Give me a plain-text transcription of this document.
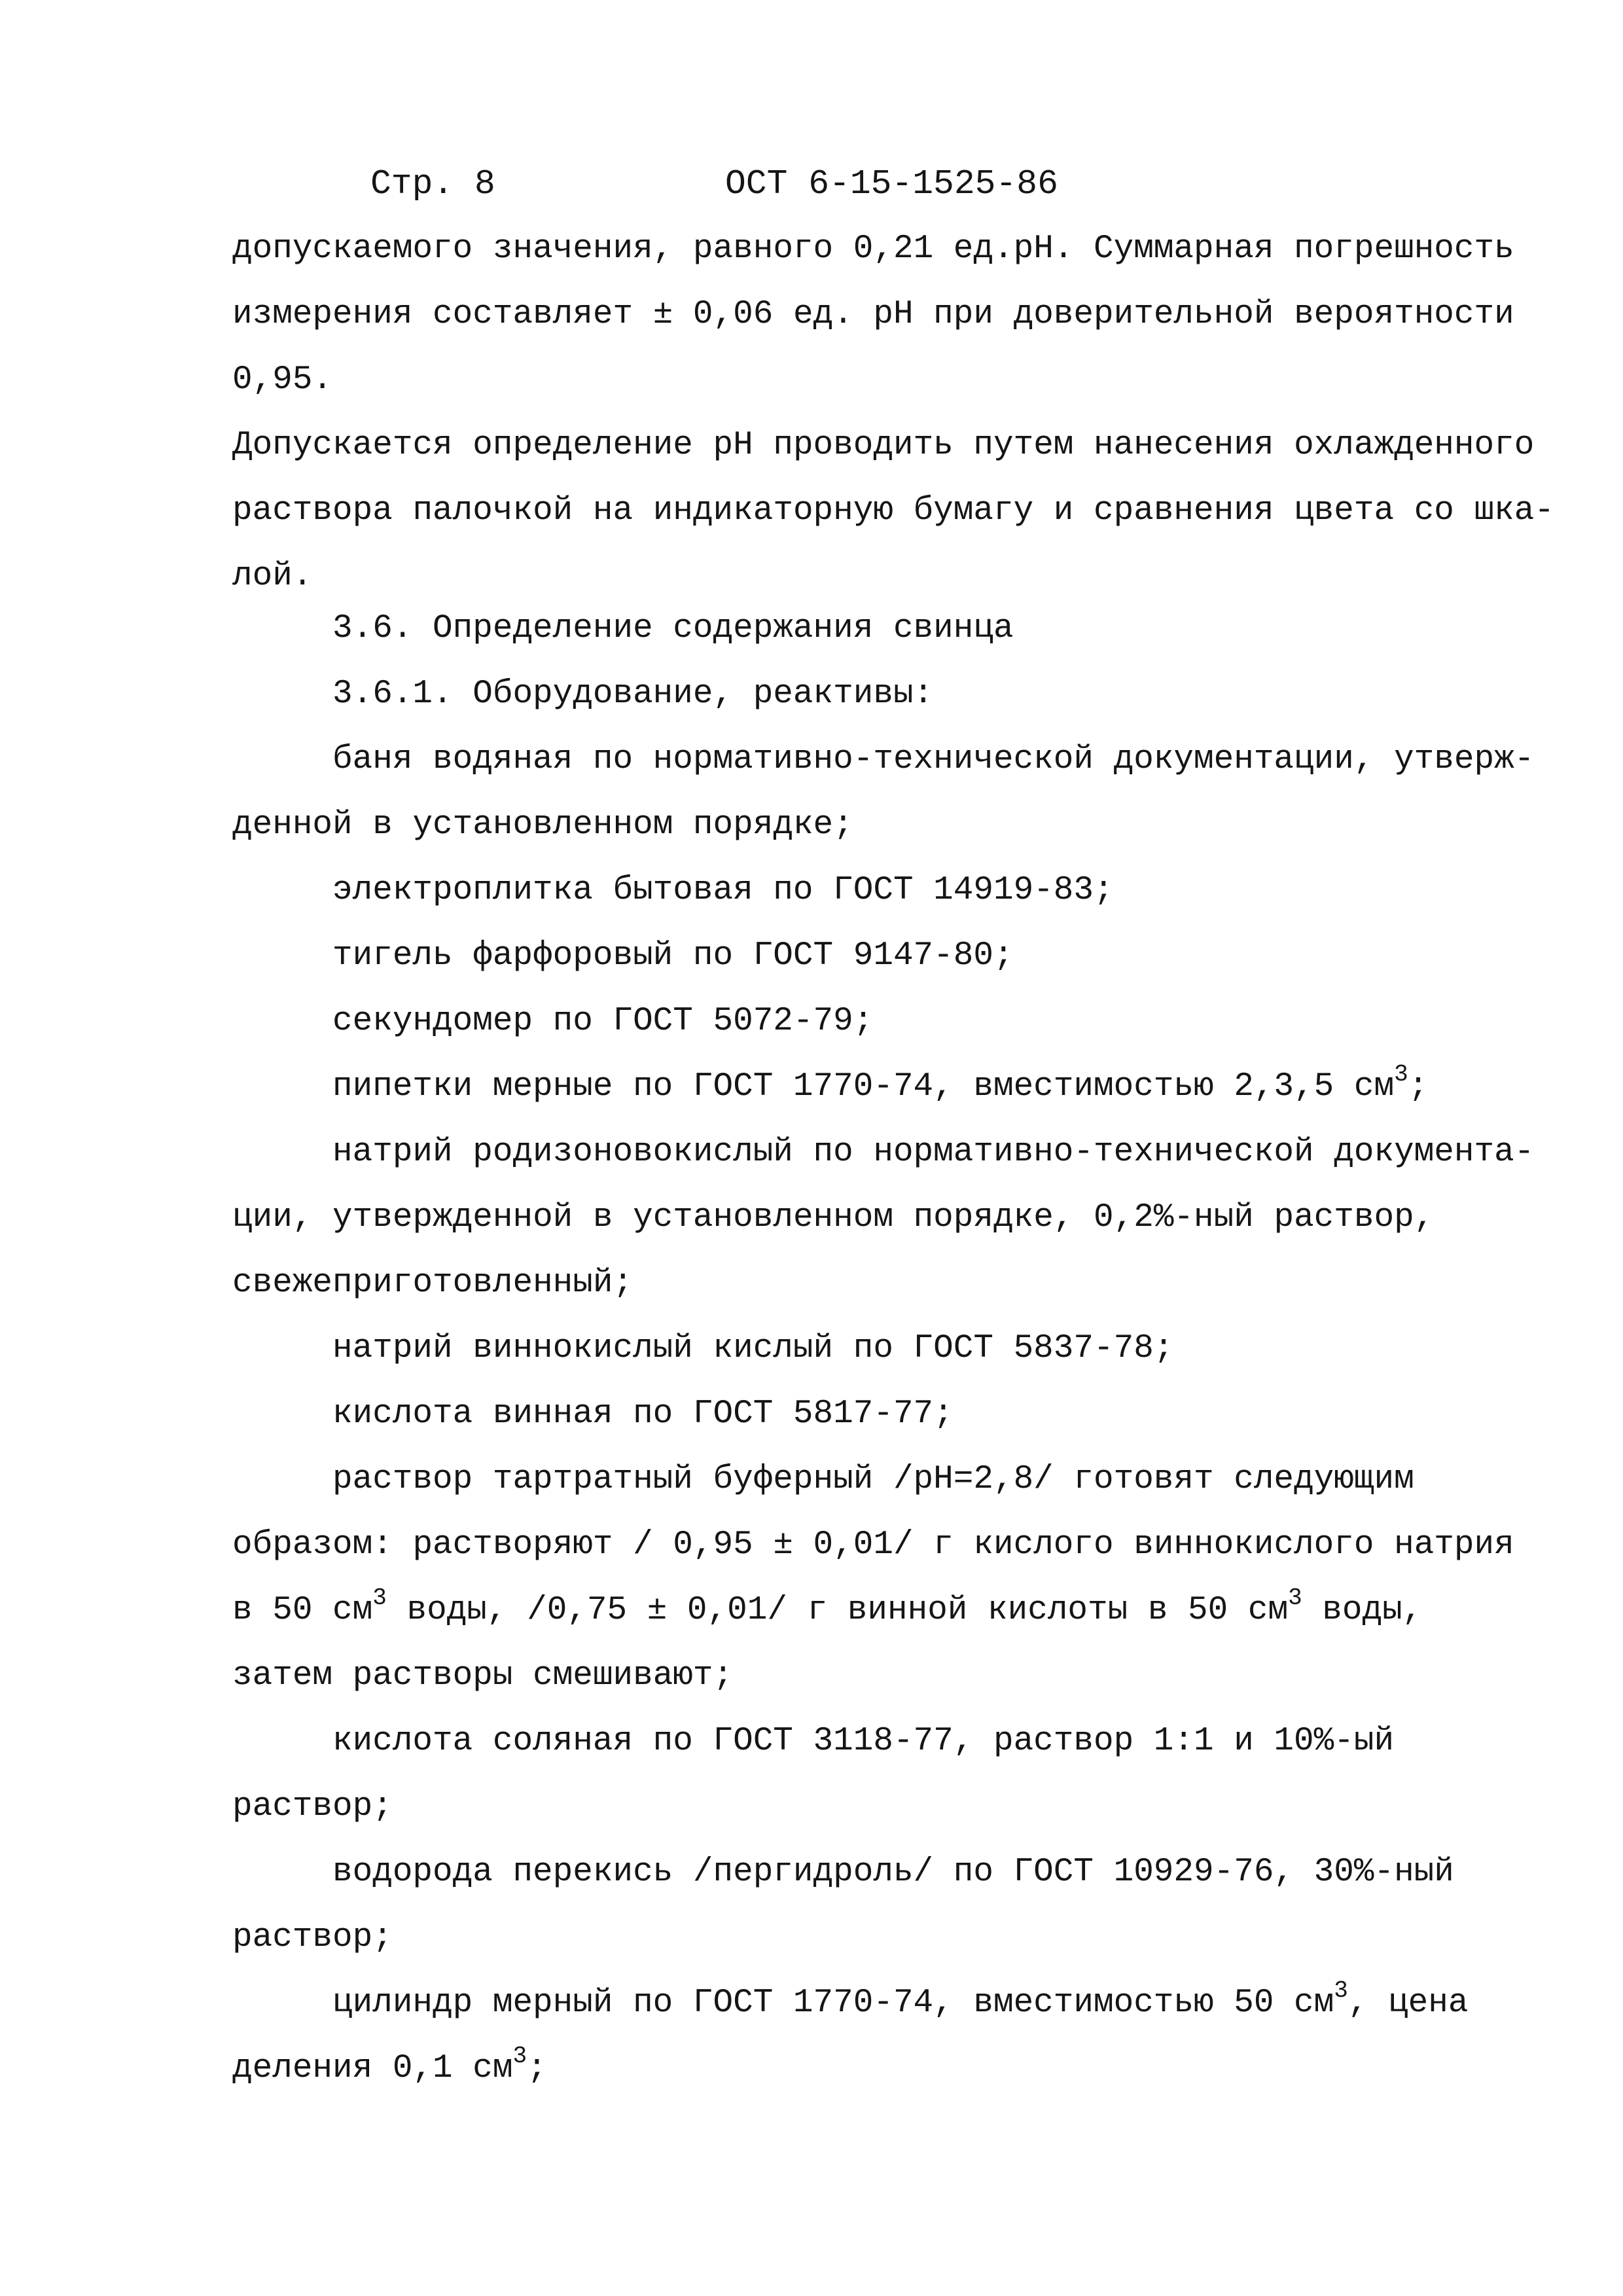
Стр. 8	ОСТ 6-15-1525-86
допускаемого значения, равного 0,21 ед.pH. Суммарная погрешность
измерения составляет ± 0,06 ед. pH при доверительной вероятности
0,95.
Допускается определение pH проводить путем нанесения охлажденного
раствора палочкой на индикаторную бумагу и сравнения цвета со шка-
лой.
3.6. Определение содержания свинца
3.6.1. Оборудование, реактивы:
баня водяная по нормативно-технической документации, утверж-
денной в установленном порядке;
электроплитка бытовая по ГОСТ 14919-83;
тигель фарфоровый по ГОСТ 9147-80;
секундомер по ГОСТ 5072-79;
пипетки мерные по ГОСТ 1770-74, вместимостью 2,3,5 $см^3$;
натрий родизоновокислый по нормативно-технической документа-
ции, утвержденной в установленном порядке, 0,2%-ный раствор,
свежеприготовленный;
натрий виннокислый кислый по ГОСТ 5837-78;
кислота винная по ГОСТ 5817-77;
раствор тартратный буферный /pH=2,8/ готовят следующим
образом: растворяют / 0,95 ± 0,01/ г кислого виннокислого натрия
в 50 $см^3$ воды, /0,75 ± 0,01/ г винной кислоты в 50 $см^3$ воды,
затем растворы смешивают;
кислота соляная по ГОСТ 3118-77, раствор 1:1 и 10%-ый
раствор;
водорода перекись /пергидроль/ по ГОСТ 10929-76, 30%-ный
раствор;
цилиндр мерный по ГОСТ 1770-74, вместимостью 50 $см^3$, цена
деления 0,1 $см^3$;
